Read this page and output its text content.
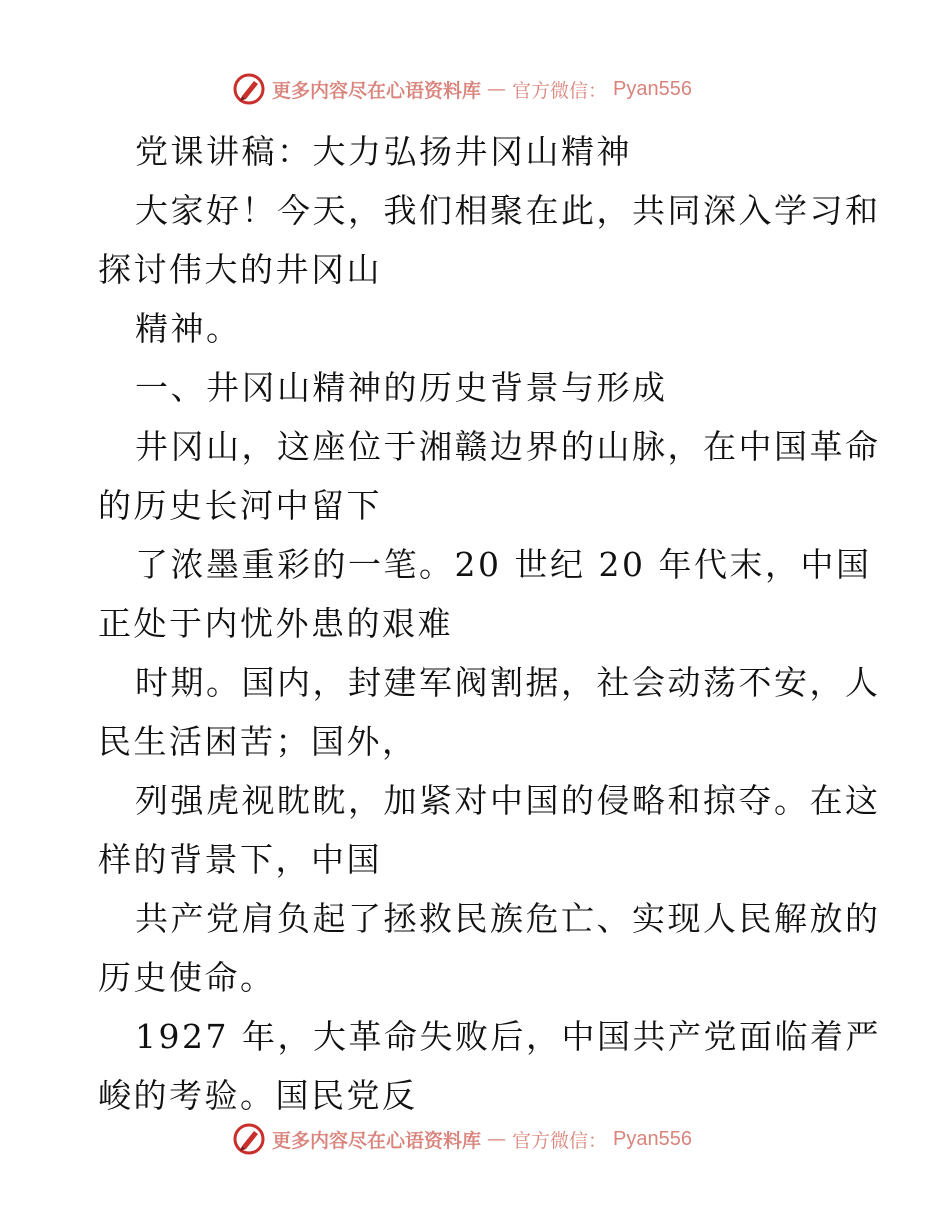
更多内容尽在心语资料库 — 官方微信： Pyan556
党课讲稿：大力弘扬井冈山精神
大家好！今天，我们相聚在此，共同深入学习和
探讨伟大的井冈山
精神。
一、井冈山精神的历史背景与形成
井冈山，这座位于湘赣边界的山脉，在中国革命
的历史长河中留下
了浓墨重彩的一笔。20 世纪 20 年代末，中国
正处于内忧外患的艰难
时期。国内，封建军阀割据，社会动荡不安，人
民生活困苦；国外，
列强虎视眈眈，加紧对中国的侵略和掠夺。在这
样的背景下，中国
共产党肩负起了拯救民族危亡、实现人民解放的
历史使命。
1927 年，大革命失败后，中国共产党面临着严
峻的考验。国民党反
更多内容尽在心语资料库 — 官方微信： Pyan556
